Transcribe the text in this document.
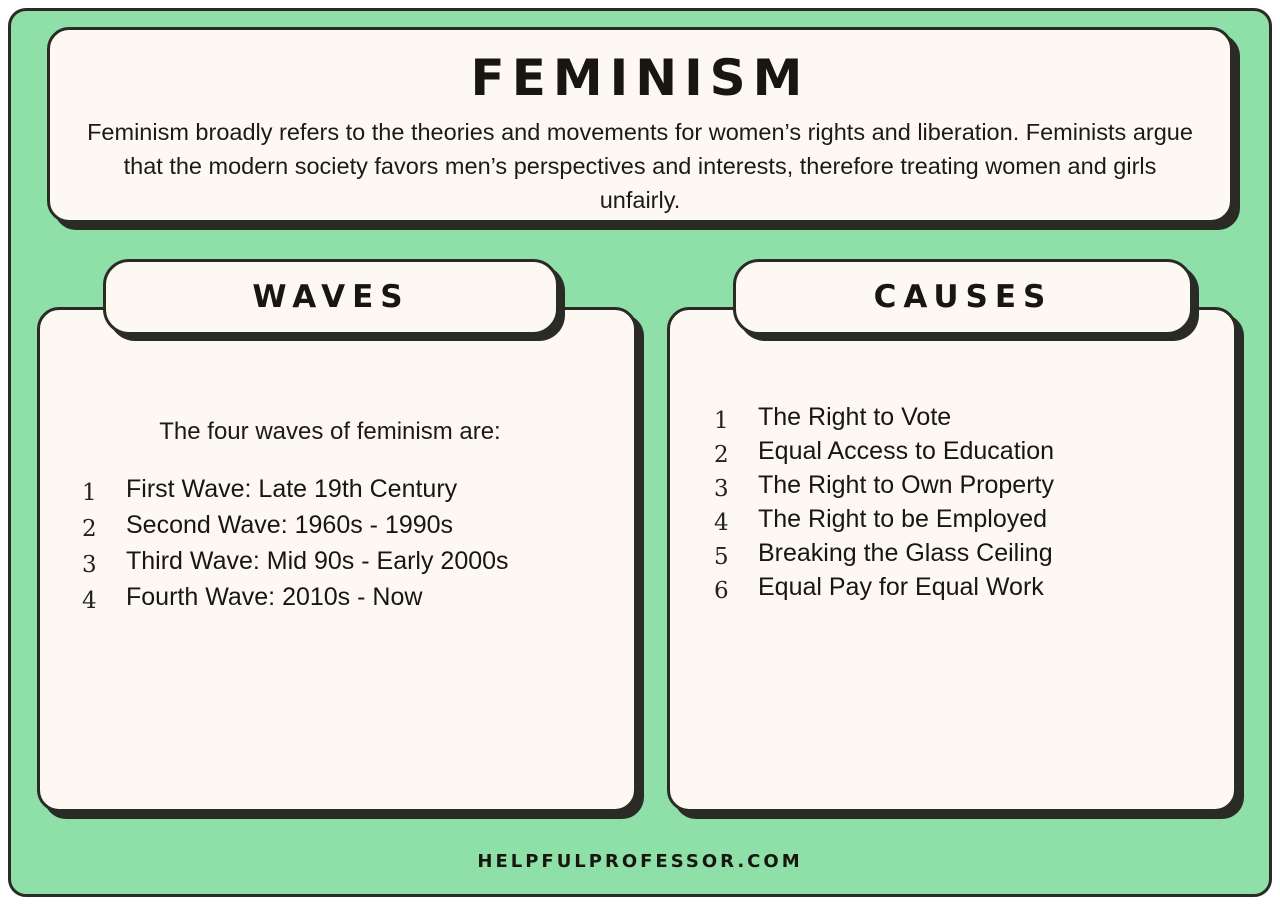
FEMINISM
Feminism broadly refers to the theories and movements for women’s rights and liberation. Feminists argue that the modern society favors men’s perspectives and interests, therefore treating women and girls unfairly.
WAVES
The four waves of feminism are:
1	First Wave: Late 19th Century
2	Second Wave: 1960s - 1990s
3	Third Wave: Mid 90s - Early 2000s
4	Fourth Wave: 2010s - Now
CAUSES
1	The Right to Vote
2	Equal Access to Education
3	The Right to Own Property
4	The Right to be Employed
5	Breaking the Glass Ceiling
6	Equal Pay for Equal Work
HELPFULPROFESSOR.COM
